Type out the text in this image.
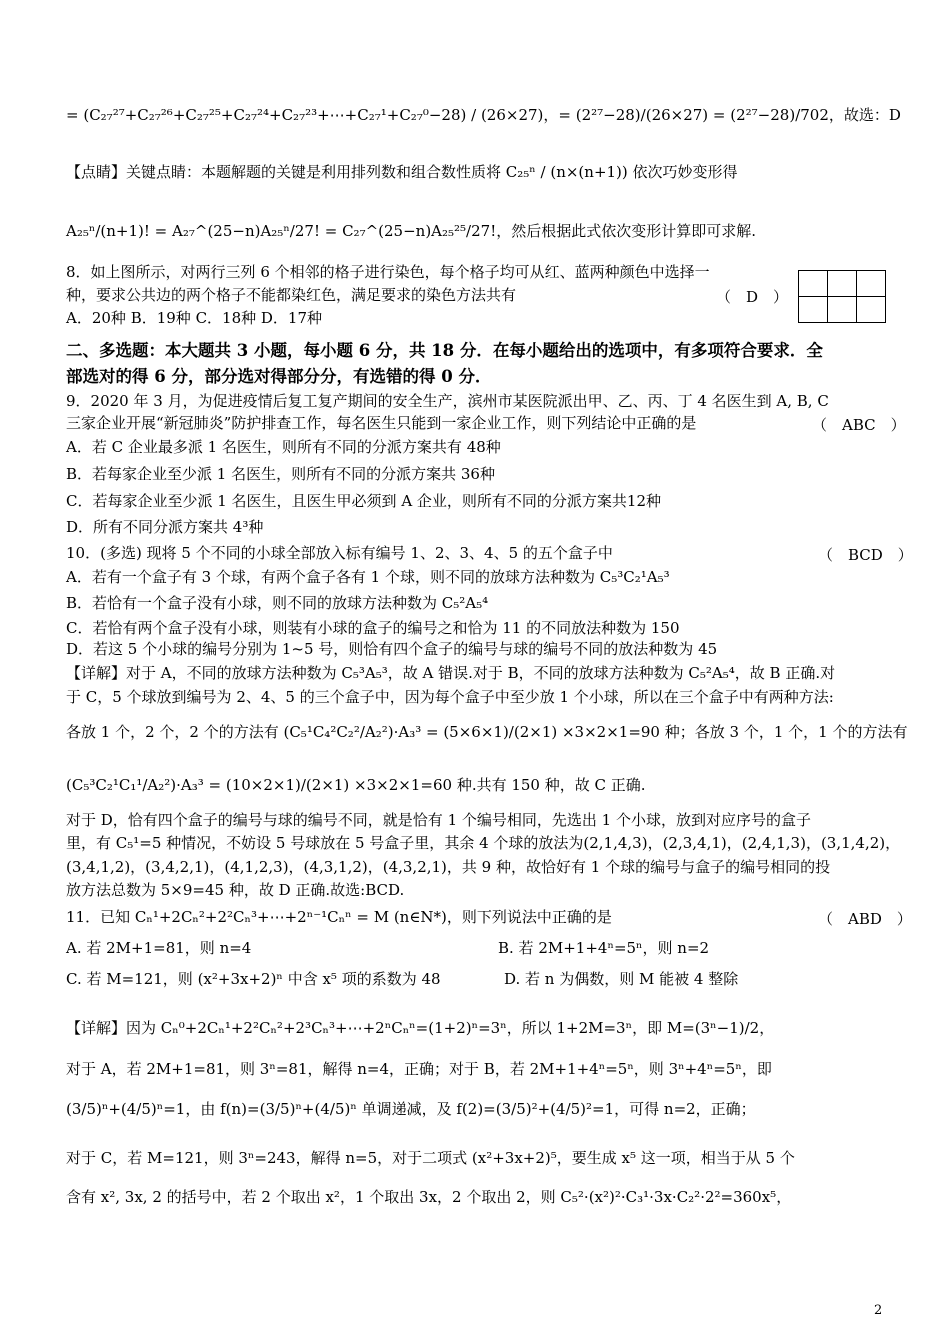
= (C₂₇²⁷+C₂₇²⁶+C₂₇²⁵+C₂₇²⁴+C₂₇²³+⋯+C₂₇¹+C₂₇⁰−28) / (26×27)，= (2²⁷−28)/(26×27) = (2²⁷−28)/702，故选：D
【点睛】关键点睛：本题解题的关键是利用排列数和组合数性质将 C₂₅ⁿ / (n×(n+1)) 依次巧妙变形得
A₂₅ⁿ/(n+1)! = A₂₇^(25−n)A₂₅ⁿ/27! = C₂₇^(25−n)A₂₅²⁵/27!，然后根据此式依次变形计算即可求解.
8．如上图所示，对两行三列 6 个相邻的格子进行染色，每个格子均可从红、蓝两种颜色中选择一
种，要求公共边的两个格子不能都染红色，满足要求的染色方法共有
A．20种 B．19种 C．18种 D．17种
二、多选题：本大题共 3 小题，每小题 6 分，共 18 分．在每小题给出的选项中，有多项符合要求．全
部选对的得 6 分，部分选对得部分分，有选错的得 0 分．
9．2020 年 3 月，为促进疫情后复工复产期间的安全生产，滨州市某医院派出甲、乙、丙、丁 4 名医生到 A, B, C
三家企业开展“新冠肺炎”防护排查工作，每名医生只能到一家企业工作，则下列结论中正确的是
A．若 C 企业最多派 1 名医生，则所有不同的分派方案共有 48种
B．若每家企业至少派 1 名医生，则所有不同的分派方案共 36种
C．若每家企业至少派 1 名医生，且医生甲必须到 A 企业，则所有不同的分派方案共12种
D．所有不同分派方案共 4³种
10．(多选) 现将 5 个不同的小球全部放入标有编号 1、2、3、4、5 的五个盒子中
A．若有一个盒子有 3 个球，有两个盒子各有 1 个球，则不同的放球方法种数为 C₅³C₂¹A₅³
B．若恰有一个盒子没有小球，则不同的放球方法种数为 C₅²A₅⁴
C．若恰有两个盒子没有小球，则装有小球的盒子的编号之和恰为 11 的不同放法种数为 150
D．若这 5 个小球的编号分别为 1~5 号，则恰有四个盒子的编号与球的编号不同的放法种数为 45
【详解】对于 A，不同的放球方法种数为 C₅³A₅³，故 A 错误.对于 B，不同的放球方法种数为 C₅²A₅⁴，故 B 正确.对
于 C，5 个球放到编号为 2、4、5 的三个盒子中，因为每个盒子中至少放 1 个小球，所以在三个盒子中有两种方法:
各放 1 个，2 个，2 个的方法有 (C₅¹C₄²C₂²/A₂²)·A₃³ = (5×6×1)/(2×1) ×3×2×1=90 种；各放 3 个，1 个，1 个的方法有
(C₅³C₂¹C₁¹/A₂²)·A₃³ = (10×2×1)/(2×1) ×3×2×1=60 种.共有 150 种，故 C 正确.
对于 D，恰有四个盒子的编号与球的编号不同，就是恰有 1 个编号相同，先选出 1 个小球，放到对应序号的盒子
里，有 C₅¹=5 种情况，不妨设 5 号球放在 5 号盒子里，其余 4 个球的放法为(2,1,4,3)，(2,3,4,1)，(2,4,1,3)，(3,1,4,2)，
(3,4,1,2)，(3,4,2,1)，(4,1,2,3)，(4,3,1,2)，(4,3,2,1)，共 9 种，故恰好有 1 个球的编号与盒子的编号相同的投
放方法总数为 5×9=45 种，故 D 正确.故选:BCD.
11．已知 Cₙ¹+2Cₙ²+2²Cₙ³+⋯+2ⁿ⁻¹Cₙⁿ = M (n∈N*)，则下列说法中正确的是
A. 若 2M+1=81，则 n=4	B. 若 2M+1+4ⁿ=5ⁿ，则 n=2
C. 若 M=121，则 (x²+3x+2)ⁿ 中含 x⁵ 项的系数为 48	D. 若 n 为偶数，则 M 能被 4 整除
【详解】因为 Cₙ⁰+2Cₙ¹+2²Cₙ²+2³Cₙ³+⋯+2ⁿCₙⁿ=(1+2)ⁿ=3ⁿ，所以 1+2M=3ⁿ，即 M=(3ⁿ−1)/2，
对于 A，若 2M+1=81，则 3ⁿ=81，解得 n=4，正确；对于 B，若 2M+1+4ⁿ=5ⁿ，则 3ⁿ+4ⁿ=5ⁿ，即
(3/5)ⁿ+(4/5)ⁿ=1，由 f(n)=(3/5)ⁿ+(4/5)ⁿ 单调递减，及 f(2)=(3/5)²+(4/5)²=1，可得 n=2，正确；
对于 C，若 M=121，则 3ⁿ=243，解得 n=5，对于二项式 (x²+3x+2)⁵，要生成 x⁵ 这一项，相当于从 5 个
含有 x², 3x, 2 的括号中，若 2 个取出 x²，1 个取出 3x，2 个取出 2，则 C₅²·(x²)²·C₃¹·3x·C₂²·2²=360x⁵，
（　D　）
（　ABC　）
（　BCD　）
（　ABD　）

2
